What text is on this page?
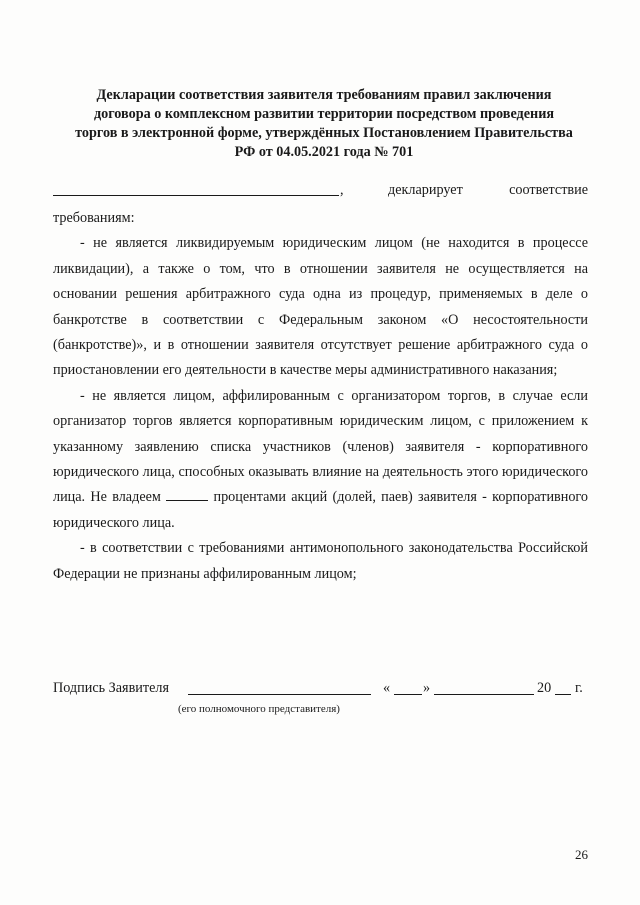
Декларации соответствия заявителя требованиям правил заключения
договора о комплексном развитии территории посредством проведения
торгов в электронной форме, утверждённых Постановлением Правительства
РФ от 04.05.2021 года № 701
,	декларирует	соответствие

требованиям:

- не является ликвидируемым юридическим лицом (не находится в процессе ликвидации), а также о том, что в отношении заявителя не осуществляется на основании решения арбитражного суда одна из процедур, применяемых в деле о банкротстве в соответствии с Федеральным законом «О несостоятельности (банкротстве)», и в отношении заявителя отсутствует решение арбитражного суда о приостановлении его деятельности в качестве меры административного наказания;

- не является лицом, аффилированным с организатором торгов, в случае если организатор торгов является корпоративным юридическим лицом, с приложением к указанному заявлению списка участников (членов) заявителя - корпоративного юридического лица, способных оказывать влияние на деятельность этого юридического лица. Не владеем	процентами акций (долей, паев) заявителя - корпоративного юридического лица.

- в соответствии с требованиями антимонопольного законодательства Российской Федерации не признаны аффилированным лицом;

Подпись Заявителя	« »	20 г.
(его полномочного представителя)
26
